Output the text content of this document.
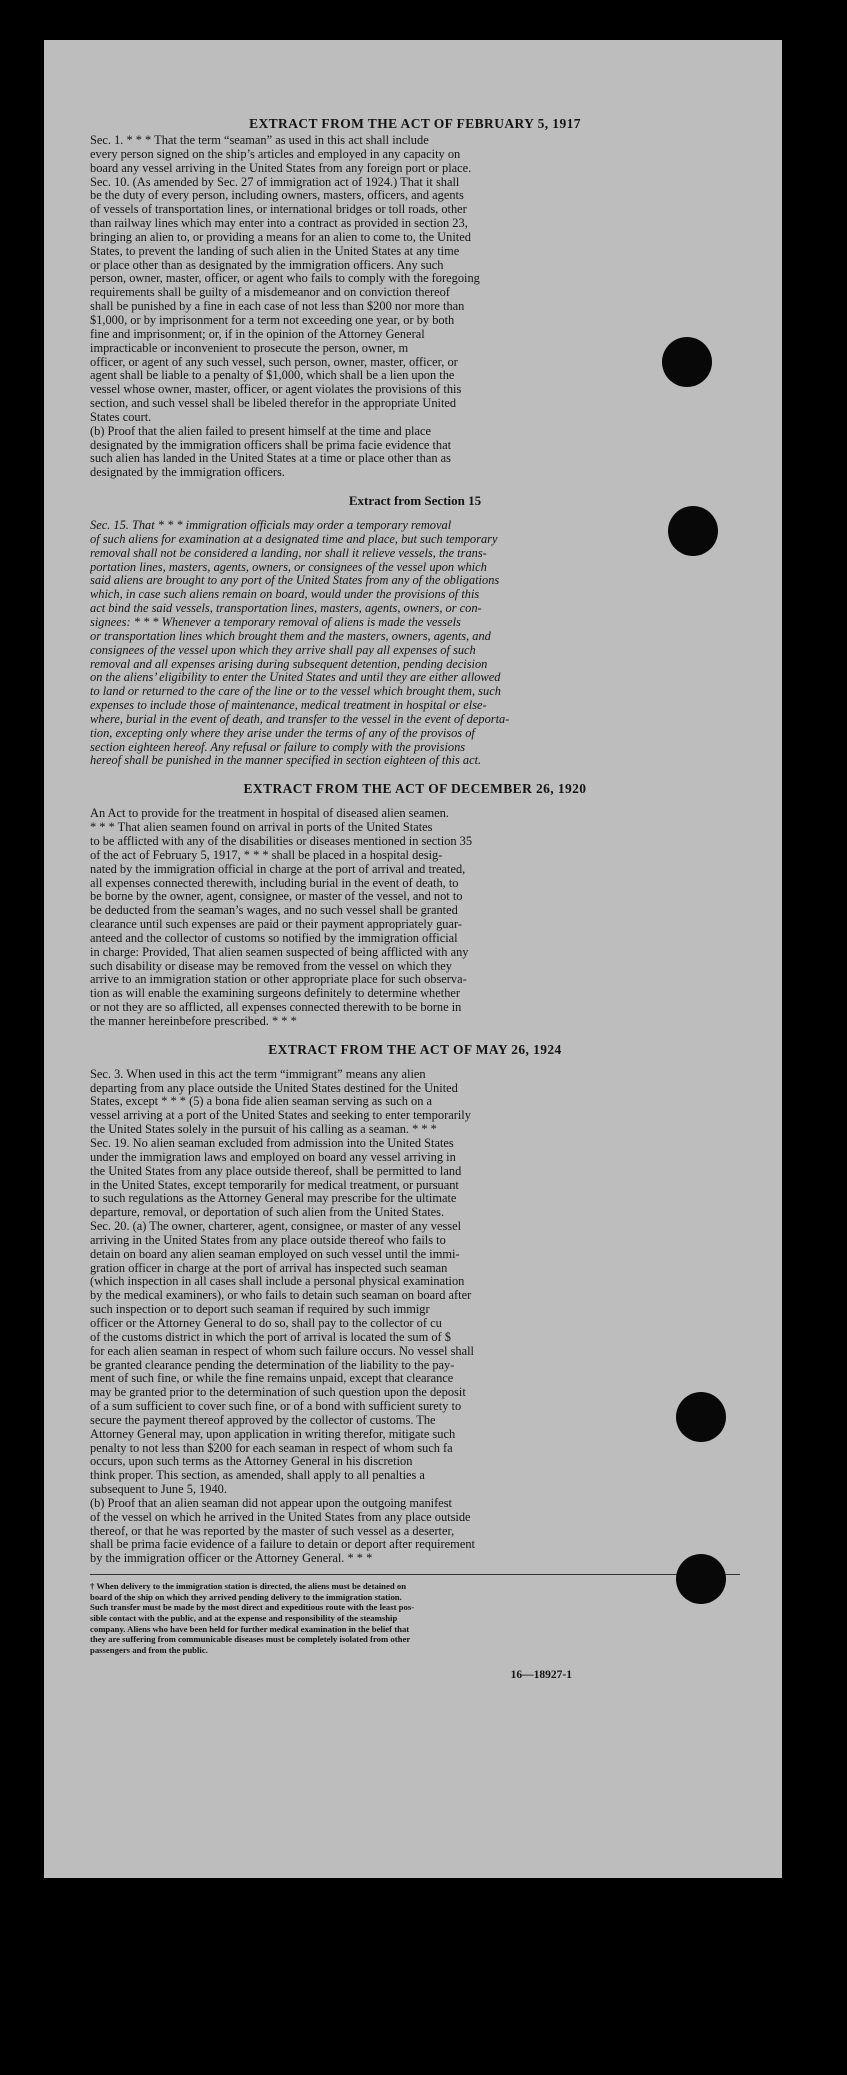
EXTRACT FROM THE ACT OF FEBRUARY 5, 1917
Sec. 1. * * * That the term “seaman” as used in this act shall include
every person signed on the ship’s articles and employed in any capacity on
board any vessel arriving in the United States from any foreign port or place.
Sec. 10. (As amended by Sec. 27 of immigration act of 1924.) That it shall
be the duty of every person, including owners, masters, officers, and agents
of vessels of transportation lines, or international bridges or toll roads, other
than railway lines which may enter into a contract as provided in section 23,
bringing an alien to, or providing a means for an alien to come to, the United
States, to prevent the landing of such alien in the United States at any time
or place other than as designated by the immigration officers. Any such
person, owner, master, officer, or agent who fails to comply with the foregoing
requirements shall be guilty of a misdemeanor and on conviction thereof
shall be punished by a fine in each case of not less than $200 nor more than
$1,000, or by imprisonment for a term not exceeding one year, or by both
fine and imprisonment; or, if in the opinion of the Attorney General
impracticable or inconvenient to prosecute the person, owner, m
officer, or agent of any such vessel, such person, owner, master, officer, or
agent shall be liable to a penalty of $1,000, which shall be a lien upon the
vessel whose owner, master, officer, or agent violates the provisions of this
section, and such vessel shall be libeled therefor in the appropriate United
States court.
(b) Proof that the alien failed to present himself at the time and place
designated by the immigration officers shall be prima facie evidence that
such alien has landed in the United States at a time or place other than as
designated by the immigration officers.
Extract from Section 15
Sec. 15. That * * * immigration officials may order a temporary removal
of such aliens for examination at a designated time and place, but such temporary
removal shall not be considered a landing, nor shall it relieve vessels, the trans-
portation lines, masters, agents, owners, or consignees of the vessel upon which
said aliens are brought to any port of the United States from any of the obligations
which, in case such aliens remain on board, would under the provisions of this
act bind the said vessels, transportation lines, masters, agents, owners, or con-
signees: * * * Whenever a temporary removal of aliens is made the vessels
or transportation lines which brought them and the masters, owners, agents, and
consignees of the vessel upon which they arrive shall pay all expenses of such
removal and all expenses arising during subsequent detention, pending decision
on the aliens’ eligibility to enter the United States and until they are either allowed
to land or returned to the care of the line or to the vessel which brought them, such
expenses to include those of maintenance, medical treatment in hospital or else-
where, burial in the event of death, and transfer to the vessel in the event of deporta-
tion, excepting only where they arise under the terms of any of the provisos of
section eighteen hereof. Any refusal or failure to comply with the provisions
hereof shall be punished in the manner specified in section eighteen of this act.
EXTRACT FROM THE ACT OF DECEMBER 26, 1920
An Act to provide for the treatment in hospital of diseased alien seamen.
* * * That alien seamen found on arrival in ports of the United States
to be afflicted with any of the disabilities or diseases mentioned in section 35
of the act of February 5, 1917, * * * shall be placed in a hospital desig-
nated by the immigration official in charge at the port of arrival and treated,
all expenses connected therewith, including burial in the event of death, to
be borne by the owner, agent, consignee, or master of the vessel, and not to
be deducted from the seaman’s wages, and no such vessel shall be granted
clearance until such expenses are paid or their payment appropriately guar-
anteed and the collector of customs so notified by the immigration official
in charge: Provided, That alien seamen suspected of being afflicted with any
such disability or disease may be removed from the vessel on which they
arrive to an immigration station or other appropriate place for such observa-
tion as will enable the examining surgeons definitely to determine whether
or not they are so afflicted, all expenses connected therewith to be borne in
the manner hereinbefore prescribed. * * *
EXTRACT FROM THE ACT OF MAY 26, 1924
Sec. 3. When used in this act the term “immigrant” means any alien
departing from any place outside the United States destined for the United
States, except * * * (5) a bona fide alien seaman serving as such on a
vessel arriving at a port of the United States and seeking to enter temporarily
the United States solely in the pursuit of his calling as a seaman. * * *
Sec. 19. No alien seaman excluded from admission into the United States
under the immigration laws and employed on board any vessel arriving in
the United States from any place outside thereof, shall be permitted to land
in the United States, except temporarily for medical treatment, or pursuant
to such regulations as the Attorney General may prescribe for the ultimate
departure, removal, or deportation of such alien from the United States.
Sec. 20. (a) The owner, charterer, agent, consignee, or master of any vessel
arriving in the United States from any place outside thereof who fails to
detain on board any alien seaman employed on such vessel until the immi-
gration officer in charge at the port of arrival has inspected such seaman
(which inspection in all cases shall include a personal physical examination
by the medical examiners), or who fails to detain such seaman on board after
such inspection or to deport such seaman if required by such immigr
officer or the Attorney General to do so, shall pay to the collector of cu
of the customs district in which the port of arrival is located the sum of $
for each alien seaman in respect of whom such failure occurs. No vessel shall
be granted clearance pending the determination of the liability to the pay-
ment of such fine, or while the fine remains unpaid, except that clearance
may be granted prior to the determination of such question upon the deposit
of a sum sufficient to cover such fine, or of a bond with sufficient surety to
secure the payment thereof approved by the collector of customs. The
Attorney General may, upon application in writing therefor, mitigate such
penalty to not less than $200 for each seaman in respect of whom such fa
occurs, upon such terms as the Attorney General in his discretion
think proper. This section, as amended, shall apply to all penalties a
subsequent to June 5, 1940.
(b) Proof that an alien seaman did not appear upon the outgoing manifest
of the vessel on which he arrived in the United States from any place outside
thereof, or that he was reported by the master of such vessel as a deserter,
shall be prima facie evidence of a failure to detain or deport after requirement
by the immigration officer or the Attorney General. * * *
† When delivery to the immigration station is directed, the aliens must be detained on
board of the ship on which they arrived pending delivery to the immigration station.
Such transfer must be made by the most direct and expeditious route with the least pos-
sible contact with the public, and at the expense and responsibility of the steamship
company. Aliens who have been held for further medical examination in the belief that
they are suffering from communicable diseases must be completely isolated from other
passengers and from the public.
16—18927-1
